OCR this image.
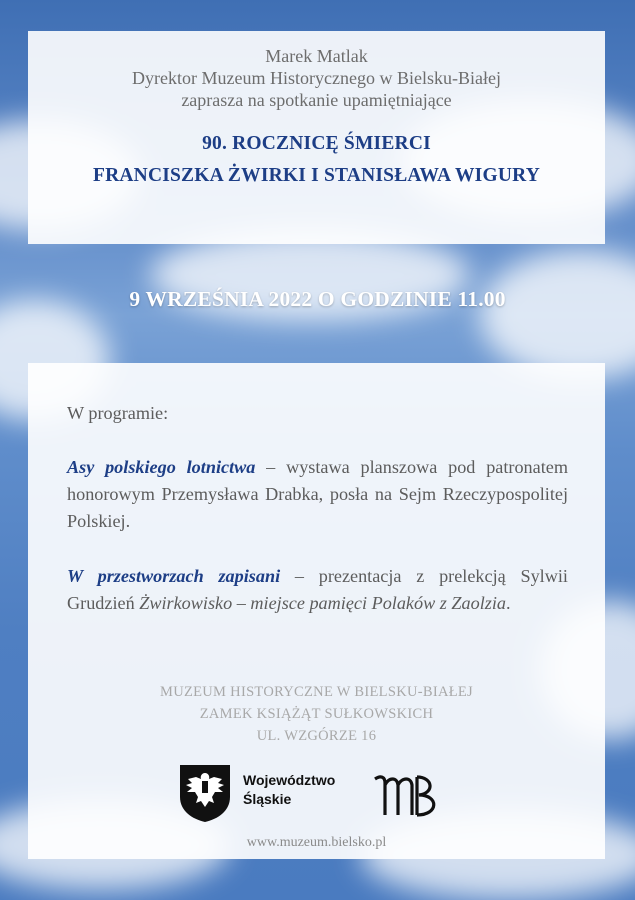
Marek Matlak

Dyrektor Muzeum Historycznego w Bielsku-Białej

zaprasza na spotkanie upamiętniające

90. ROCZNICĘ ŚMIERCI

FRANCISZKA ŻWIRKI I STANISŁAWA WIGURY

9 WRZEŚNIA 2022 O GODZINIE 11.00
W programie:
Asy polskiego lotnictwa – wystawa planszowa pod patronatem honorowym Przemysława Drabka, posła na Sejm Rzeczypospolitej Polskiej.
W przestworzach zapisani – prezentacja z prelekcją Sylwii Grudzień Żwirkowisko – miejsce pamięci Polaków z Zaolzia.
MUZEUM HISTORYCZNE W BIELSKU-BIAŁEJ
ZAMEK KSIĄŻĄT SUŁKOWSKICH
UL. WZGÓRZE 16
Województwo
Śląskie
www.muzeum.bielsko.pl
